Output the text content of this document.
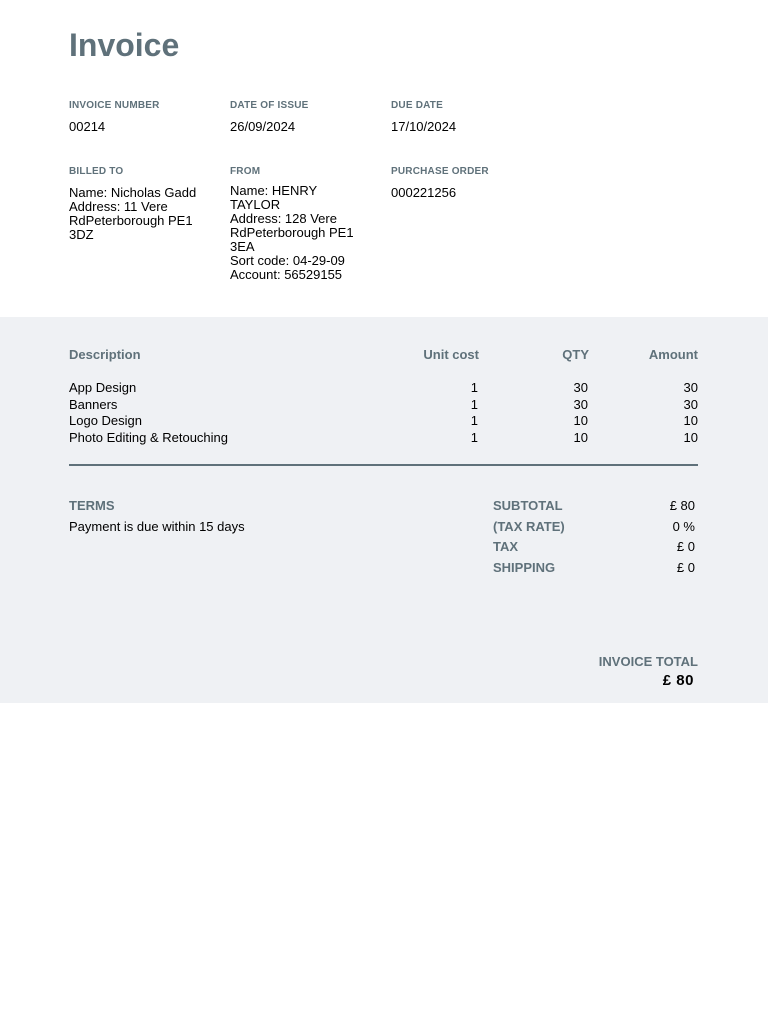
Invoice
INVOICE NUMBER
00214
DATE OF ISSUE
26/09/2024
DUE DATE
17/10/2024
BILLED TO
Name: Nicholas Gadd
Address: 11 Vere
RdPeterborough PE1
3DZ
FROM
Name: HENRY
TAYLOR
Address: 128 Vere
RdPeterborough PE1
3EA
Sort code: 04-29-09
Account: 56529155
PURCHASE ORDER
000221256
Description	Unit cost	QTY	Amount
App Design	1	30	30
Banners	1	30	30
Logo Design	1	10	10
Photo Editing & Retouching	1	10	10
TERMS
Payment is due within 15 days
SUBTOTAL	£ 80
(TAX RATE)	0 %
TAX	£ 0
SHIPPING	£ 0
INVOICE TOTAL
£ 80
